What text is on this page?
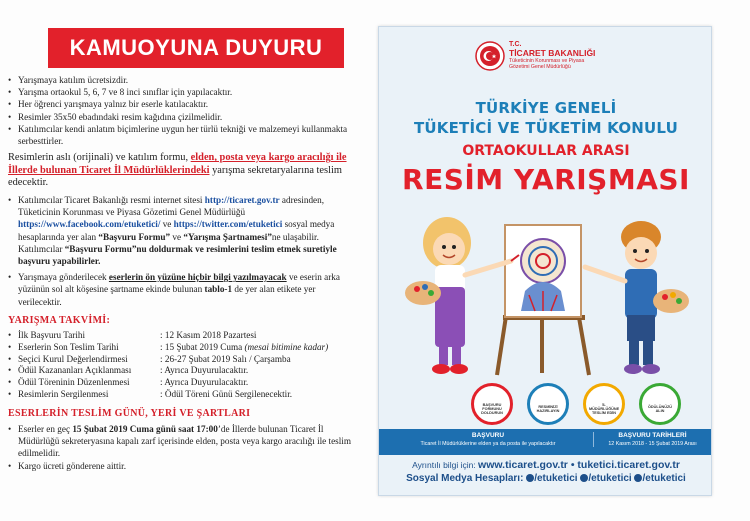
KAMUOYUNA DUYURU
• Yarışmaya katılım ücretsizdir.
• Yarışma ortaokul 5, 6, 7 ve 8 inci sınıflar için yapılacaktır.
• Her öğrenci yarışmaya yalnız bir eserle katılacaktır.
• Resimler 35x50 ebadındaki resim kağıdına çizilmelidir.
• Katılımcılar kendi anlatım biçimlerine uygun her türlü tekniği ve malzemeyi kullanmakta serbesttirler.
Resimlerin aslı (orijinali) ve katılım formu, elden, posta veya kargo aracılığı ile İllerde bulunan Ticaret İl Müdürlüklerindeki yarışma sekretaryalarına teslim edecektir.
• Katılımcılar Ticaret Bakanlığı resmi internet sitesi http://ticaret.gov.tr adresinden, Tüketicinin Korunması ve Piyasa Gözetimi Genel Müdürlüğü https://www.facebook.com/etuketici/ ve https://twitter.com/etuketici sosyal medya hesaplarında yer alan “Başvuru Formu” ve “Yarışma Şartnamesi”ne ulaşabilir. Katılımcılar “Başvuru Formu”nu doldurmak ve resimlerini teslim etmek suretiyle başvuru yapabilirler.
• Yarışmaya gönderilecek eserlerin ön yüzüne hiçbir bilgi yazılmayacak ve eserin arka yüzünün sol alt köşesine şartname ekinde bulunan tablo-1 de yer alan etikete yer verilecektir.
YARIŞMA TAKVİMİ:
• İlk Başvuru Tarihi	: 12 Kasım 2018 Pazartesi
• Eserlerin Son Teslim Tarihi	: 15 Şubat 2019 Cuma (mesai bitimine kadar)
• Seçici Kurul Değerlendirmesi	: 26-27 Şubat 2019 Salı / Çarşamba
• Ödül Kazananları Açıklanması	: Ayrıca Duyurulacaktır.
• Ödül Töreninin Düzenlenmesi	: Ayrıca Duyurulacaktır.
• Resimlerin Sergilenmesi	: Ödül Töreni Günü Sergilenecektir.
ESERLERİN TESLİM GÜNÜ, YERİ VE ŞARTLARI
• Eserler en geç 15 Şubat 2019 Cuma günü saat 17:00’de İllerde bulunan Ticaret İl Müdürlüğü sekreteryasına kapalı zarf içerisinde elden, posta veya kargo aracılığı ile teslim edilmelidir.
• Kargo ücreti gönderene aittir.
T.C.
TİCARET BAKANLIĞI
Tüketicinin Korunması ve Piyasa Gözetimi Genel Müdürlüğü
TÜRKİYE GENELİ
TÜKETİCİ VE TÜKETİM KONULU
ORTAOKULLAR ARASI
RESİM YARIŞMASI
BAŞVURU FORMUNU DOLDURUN
RESMİNİZİ HAZIRLAYIN
İL MÜDÜRLÜĞÜNE TESLİM EDİN
ÖDÜLÜNÜZÜ ALIN
BAŞVURU
Ticaret İl Müdürlüklerine elden ya da posta ile yapılacaktır
BAŞVURU TARİHLERİ
12 Kasım 2018 - 15 Şubat 2019 Arası
Ayrıntılı bilgi için: www.ticaret.gov.tr • tuketici.ticaret.gov.tr
Sosyal Medya Hesapları: /etuketici /etuketici /etuketici
